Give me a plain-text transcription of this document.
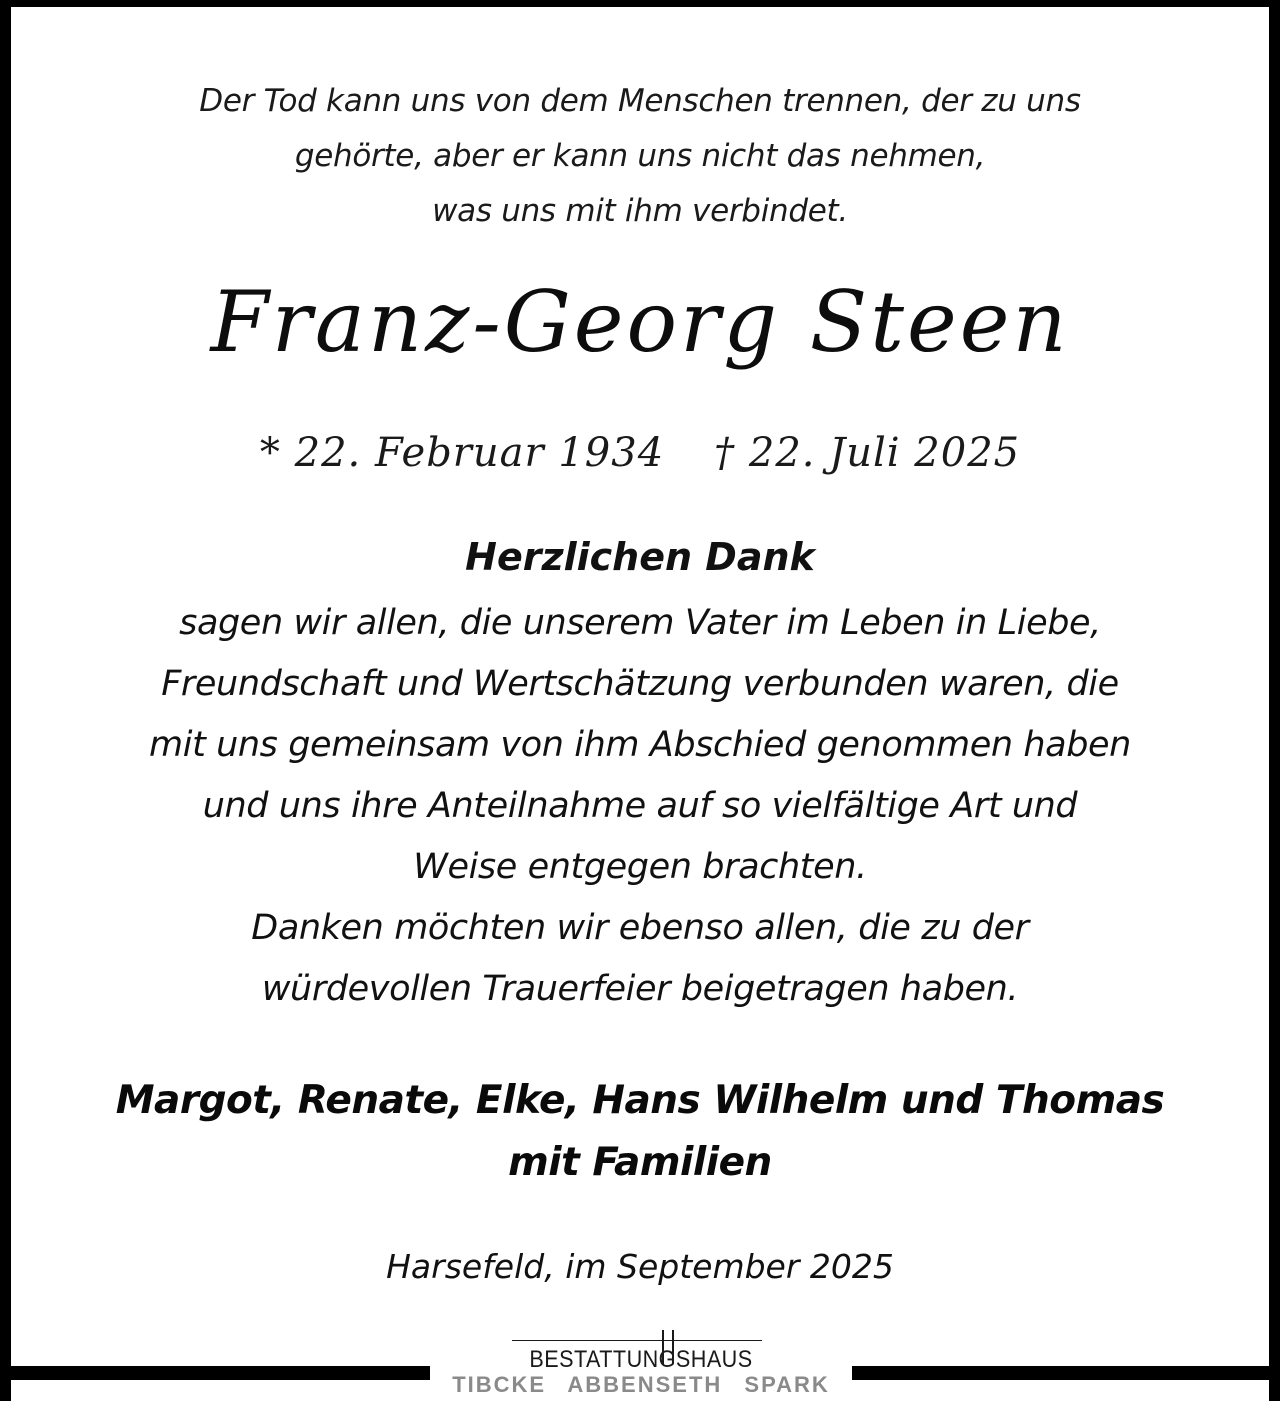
Der Tod kann uns von dem Menschen trennen, der zu uns
gehörte, aber er kann uns nicht das nehmen,
was uns mit ihm verbindet.
Franz-Georg Steen
* 22. Februar 1934 † 22. Juli 2025
Herzlichen Dank
sagen wir allen, die unserem Vater im Leben in Liebe,
Freundschaft und Wertschätzung verbunden waren, die
mit uns gemeinsam von ihm Abschied genommen haben
und uns ihre Anteilnahme auf so vielfältige Art und
Weise entgegen brachten.
Danken möchten wir ebenso allen, die zu der
würdevollen Trauerfeier beigetragen haben.
Margot, Renate, Elke, Hans Wilhelm und Thomas
mit Familien
Harsefeld, im September 2025
BESTATTUNGSHAUS
TIBCKE ABBENSETH SPARK
